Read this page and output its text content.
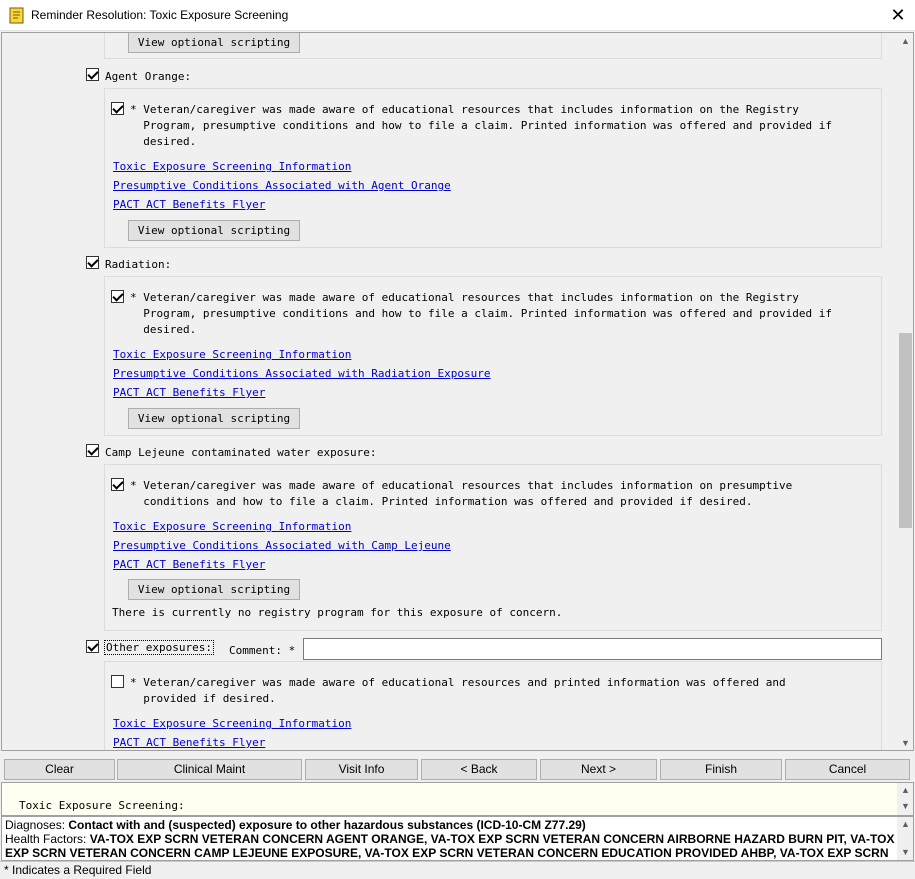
Reminder Resolution: Toxic Exposure Screening	✕
View optional scripting
Agent Orange:
* Veteran/caregiver was made aware of educational resources that includes information on the Registry
Program, presumptive conditions and how to file a claim. Printed information was offered and provided if
desired.
Toxic Exposure Screening Information
Presumptive Conditions Associated with Agent Orange
PACT ACT Benefits Flyer
View optional scripting
Radiation:
* Veteran/caregiver was made aware of educational resources that includes information on the Registry
Program, presumptive conditions and how to file a claim. Printed information was offered and provided if
desired.
Toxic Exposure Screening Information
Presumptive Conditions Associated with Radiation Exposure
PACT ACT Benefits Flyer
View optional scripting
Camp Lejeune contaminated water exposure:
* Veteran/caregiver was made aware of educational resources that includes information on presumptive
conditions and how to file a claim. Printed information was offered and provided if desired.
Toxic Exposure Screening Information
Presumptive Conditions Associated with Camp Lejeune
PACT ACT Benefits Flyer
View optional scripting
There is currently no registry program for this exposure of concern.
Other exposures: Comment: *
* Veteran/caregiver was made aware of educational resources and printed information was offered and
provided if desired.
Toxic Exposure Screening Information
PACT ACT Benefits Flyer
▲
▼
Clear	Clinical Maint	Visit Info	< Back	Next >	Finish	Cancel
Toxic Exposure Screening:
▲
▼
Diagnoses: Contact with and (suspected) exposure to other hazardous substances (ICD-10-CM Z77.29)
Health Factors: VA-TOX EXP SCRN VETERAN CONCERN AGENT ORANGE, VA-TOX EXP SCRN VETERAN CONCERN AIRBORNE HAZARD BURN PIT, VA-TOX EXP SCRN VETERAN CONCERN CAMP LEJEUNE EXPOSURE, VA-TOX EXP SCRN VETERAN CONCERN EDUCATION PROVIDED AHBP, VA-TOX EXP SCRN
▲
▼
* Indicates a Required Field
